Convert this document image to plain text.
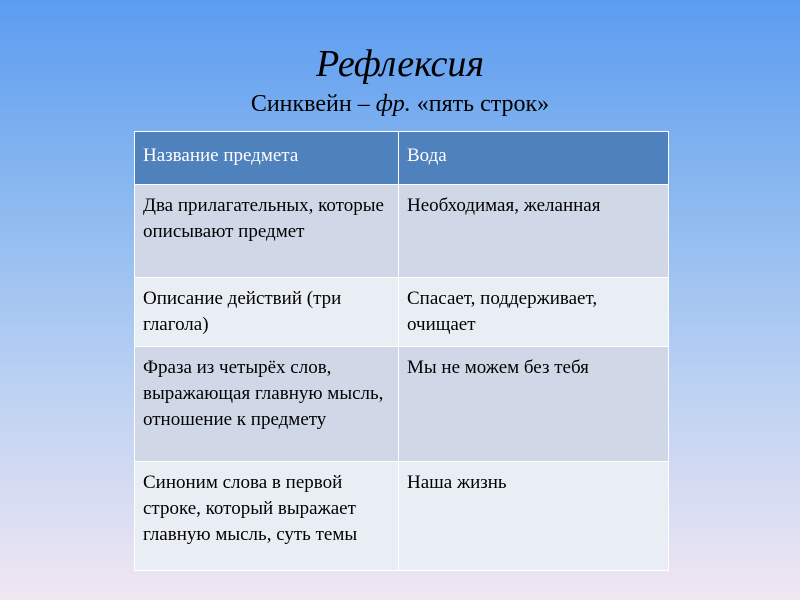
Рефлексия
Синквейн – фр. «пять строк»
Название предмета	Вода
Два прилагательных, которые описывают предмет	Необходимая, желанная
Описание действий (три глагола)	Спасает, поддерживает, очищает
Фраза из четырёх слов, выражающая главную мысль, отношение к предмету	Мы не можем без тебя
Синоним слова в первой строке, который выражает главную мысль, суть темы	Наша жизнь
